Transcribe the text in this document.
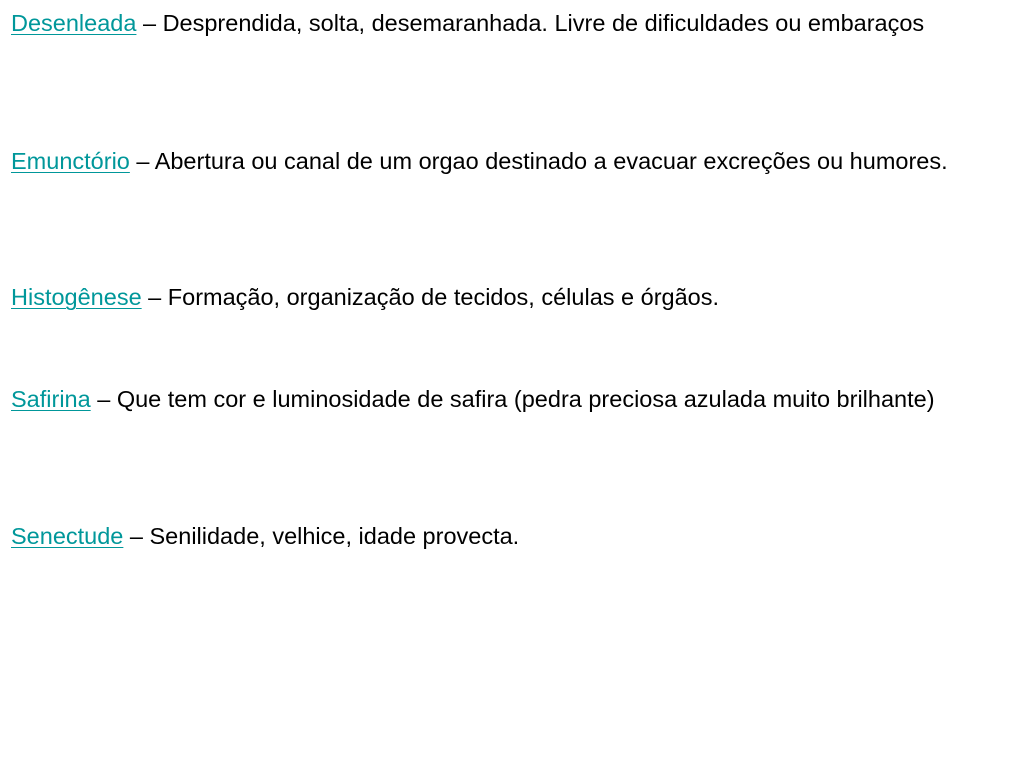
Desenleada – Desprendida, solta, desemaranhada. Livre de dificuldades ou embaraços

Emunctório – Abertura ou canal de um orgao destinado a evacuar excreções ou humores.

Histogênese – Formação, organização de tecidos, células e órgãos.

Safirina – Que tem cor e luminosidade de safira (pedra preciosa azulada muito brilhante)

Senectude – Senilidade, velhice, idade provecta.
